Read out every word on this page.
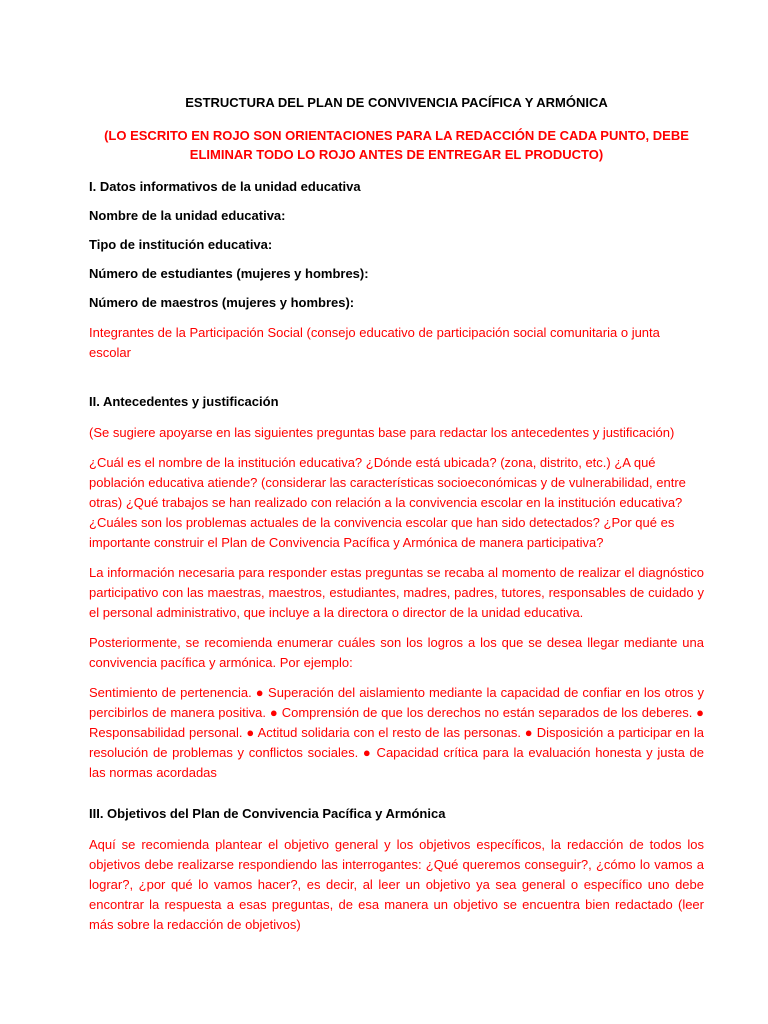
ESTRUCTURA DEL PLAN DE CONVIVENCIA PACÍFICA Y ARMÓNICA
(LO ESCRITO EN ROJO SON ORIENTACIONES PARA LA REDACCIÓN DE CADA PUNTO, DEBE ELIMINAR TODO LO ROJO ANTES DE ENTREGAR EL PRODUCTO)
I. Datos informativos de la unidad educativa
Nombre de la unidad educativa:
Tipo de institución educativa:
Número de estudiantes (mujeres y hombres):
Número de maestros (mujeres y hombres):
Integrantes de la Participación Social (consejo educativo de participación social comunitaria o junta escolar
II. Antecedentes y justificación
(Se sugiere apoyarse en las siguientes preguntas base para redactar los antecedentes y justificación)
¿Cuál es el nombre de la institución educativa? ¿Dónde está ubicada? (zona, distrito, etc.) ¿A qué población educativa atiende? (considerar las características socioeconómicas y de vulnerabilidad, entre otras) ¿Qué trabajos se han realizado con relación a la convivencia escolar en la institución educativa? ¿Cuáles son los problemas actuales de la convivencia escolar que han sido detectados? ¿Por qué es importante construir el Plan de Convivencia Pacífica y Armónica de manera participativa?
La información necesaria para responder estas preguntas se recaba al momento de realizar el diagnóstico participativo con las maestras, maestros, estudiantes, madres, padres, tutores, responsables de cuidado y el personal administrativo, que incluye a la directora o director de la unidad educativa.
Posteriormente, se recomienda enumerar cuáles son los logros a los que se desea llegar mediante una convivencia pacífica y armónica. Por ejemplo:
Sentimiento de pertenencia. ● Superación del aislamiento mediante la capacidad de confiar en los otros y percibirlos de manera positiva. ● Comprensión de que los derechos no están separados de los deberes. ● Responsabilidad personal. ● Actitud solidaria con el resto de las personas. ● Disposición a participar en la resolución de problemas y conflictos sociales. ● Capacidad crítica para la evaluación honesta y justa de las normas acordadas
III. Objetivos del Plan de Convivencia Pacífica y Armónica
Aquí se recomienda plantear el objetivo general y los objetivos específicos, la redacción de todos los objetivos debe realizarse respondiendo las interrogantes: ¿Qué queremos conseguir?, ¿cómo lo vamos a lograr?, ¿por qué lo vamos hacer?, es decir, al leer un objetivo ya sea general o específico uno debe encontrar la respuesta a esas preguntas, de esa manera un objetivo se encuentra bien redactado (leer más sobre la redacción de objetivos)
